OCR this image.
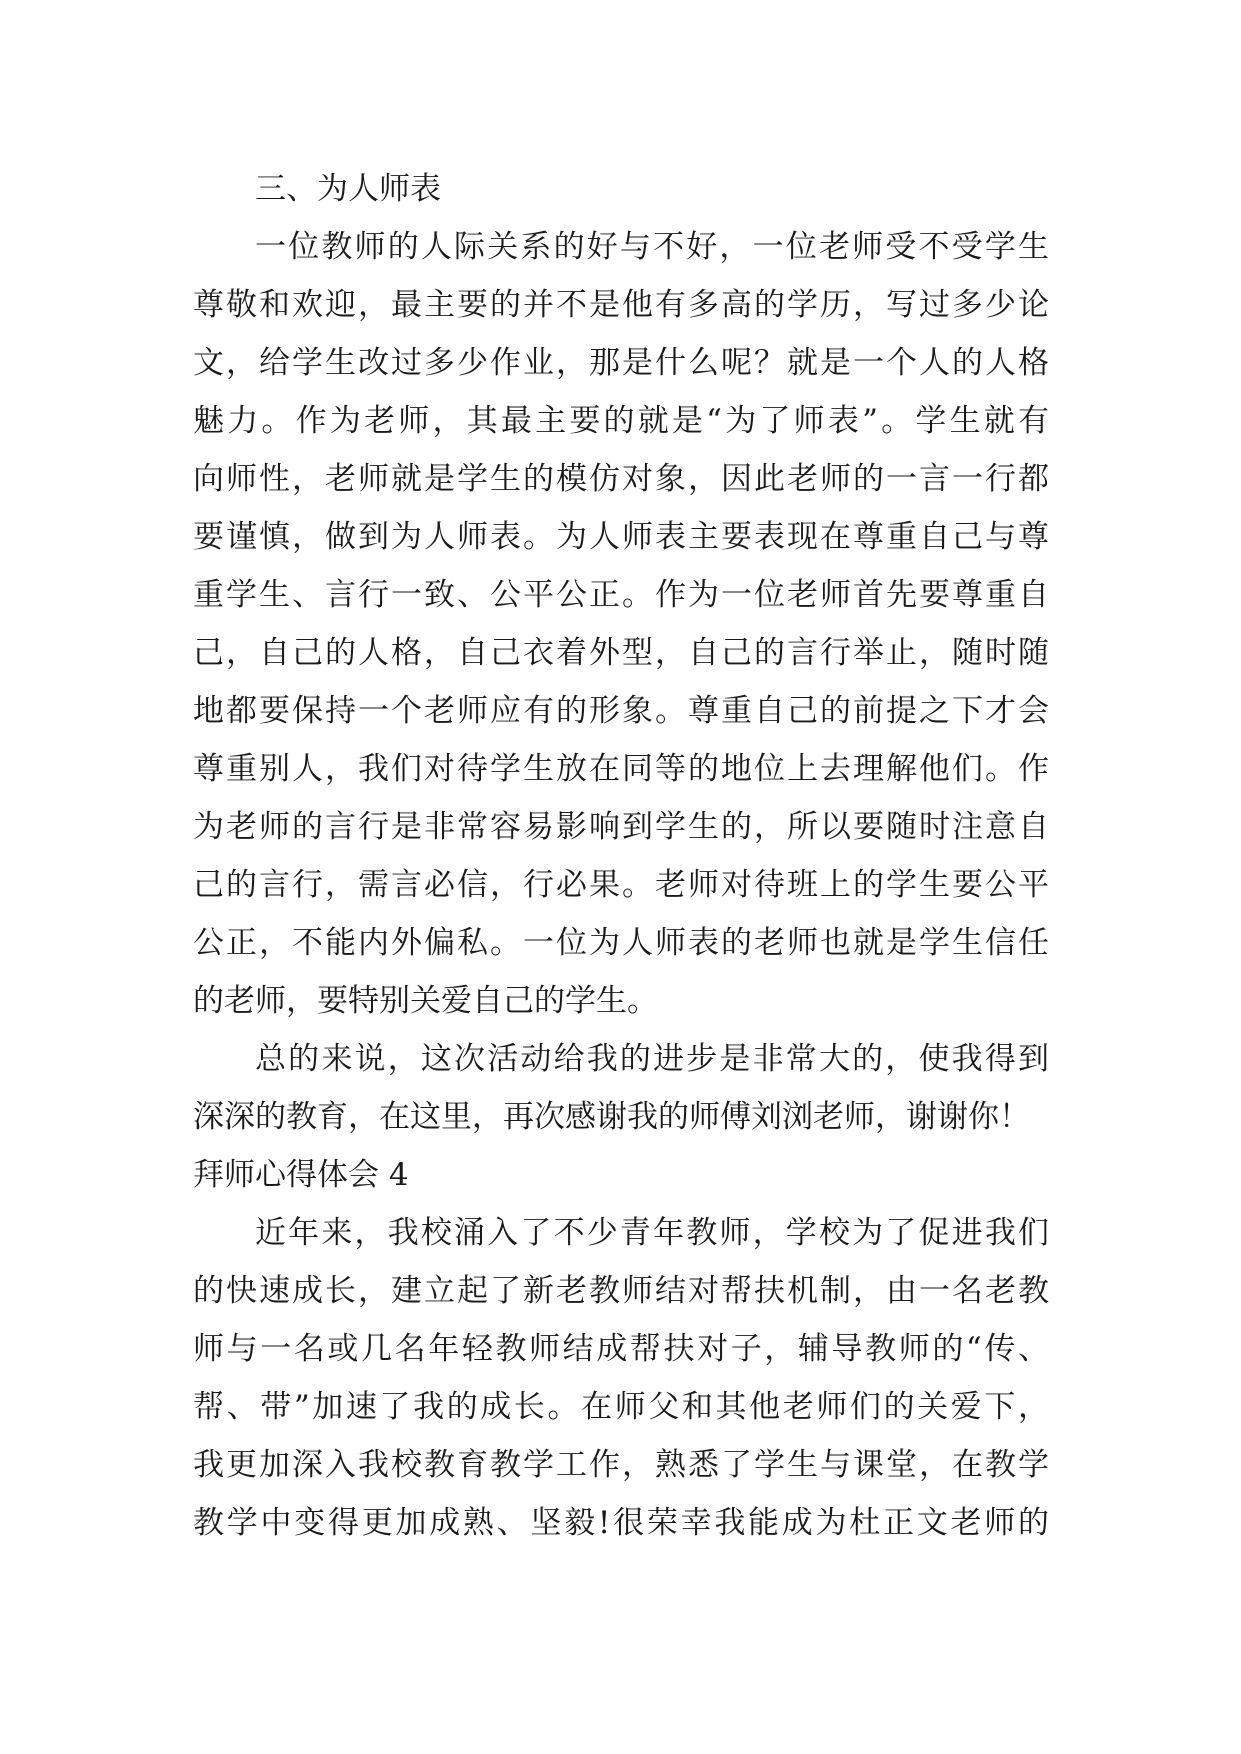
三、为人师表
一位教师的人际关系的好与不好，一位老师受不受学生
尊敬和欢迎，最主要的并不是他有多高的学历，写过多少论
文，给学生改过多少作业，那是什么呢？就是一个人的人格
魅力。作为老师，其最主要的就是“为了师表”。学生就有
向师性，老师就是学生的模仿对象，因此老师的一言一行都
要谨慎，做到为人师表。为人师表主要表现在尊重自己与尊
重学生、言行一致、公平公正。作为一位老师首先要尊重自
己，自己的人格，自己衣着外型，自己的言行举止，随时随
地都要保持一个老师应有的形象。尊重自己的前提之下才会
尊重别人，我们对待学生放在同等的地位上去理解他们。作
为老师的言行是非常容易影响到学生的，所以要随时注意自
己的言行，需言必信，行必果。老师对待班上的学生要公平
公正，不能内外偏私。一位为人师表的老师也就是学生信任
的老师，要特别关爱自己的学生。
总的来说，这次活动给我的进步是非常大的，使我得到
深深的教育，在这里，再次感谢我的师傅刘浏老师，谢谢你！
拜师心得体会 4
近年来，我校涌入了不少青年教师，学校为了促进我们
的快速成长，建立起了新老教师结对帮扶机制，由一名老教
师与一名或几名年轻教师结成帮扶对子，辅导教师的“传、
帮、带”加速了我的成长。在师父和其他老师们的关爱下，
我更加深入我校教育教学工作，熟悉了学生与课堂，在教学
教学中变得更加成熟、坚毅!很荣幸我能成为杜正文老师的
